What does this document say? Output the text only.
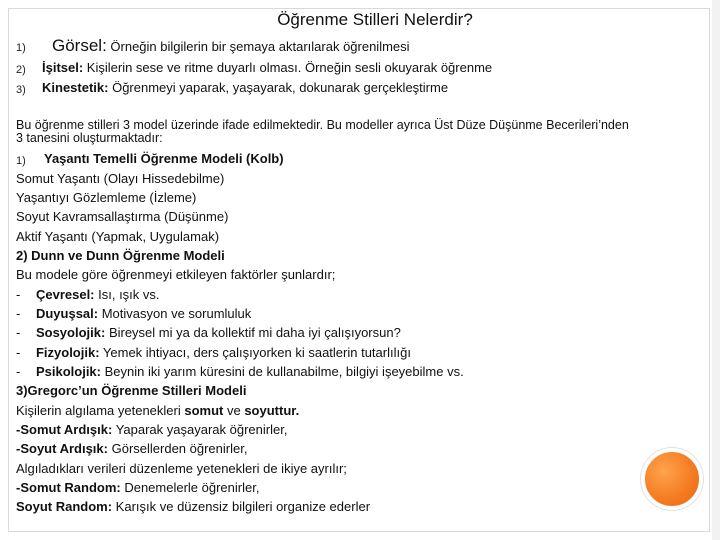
Öğrenme Stilleri Nelerdir?
1) Görsel: Örneğin bilgilerin bir şemaya aktarılarak öğrenilmesi
2) İşitsel: Kişilerin sese ve ritme duyarlı olması. Örneğin sesli okuyarak öğrenme
3) Kinestetik: Öğrenmeyi yaparak, yaşayarak, dokunarak gerçekleştirme
Bu öğrenme stilleri 3 model üzerinde ifade edilmektedir. Bu modeller ayrıca Üst Düze Düşünme Becerileri’nden
3 tanesini oluşturmaktadır:
1) Yaşantı Temelli Öğrenme Modeli (Kolb)
Somut Yaşantı (Olayı Hissedebilme)
Yaşantıyı Gözlemleme (İzleme)
Soyut Kavramsallaştırma (Düşünme)
Aktif Yaşantı (Yapmak, Uygulamak)
2) Dunn ve Dunn Öğrenme Modeli
Bu modele göre öğrenmeyi etkileyen faktörler şunlardır;
- Çevresel: Isı, ışık vs.
- Duyuşsal: Motivasyon ve sorumluluk
- Sosyolojik: Bireysel mi ya da kollektif mi daha iyi çalışıyorsun?
- Fizyolojik: Yemek ihtiyacı, ders çalışıyorken ki saatlerin tutarlılığı
- Psikolojik: Beynin iki yarım küresini de kullanabilme, bilgiyi işeyebilme vs.
3)Gregorc’un Öğrenme Stilleri Modeli
Kişilerin algılama yetenekleri somut ve soyuttur.
-Somut Ardışık: Yaparak yaşayarak öğrenirler,
-Soyut Ardışık: Görsellerden öğrenirler,
Algıladıkları verileri düzenleme yetenekleri de ikiye ayrılır;
-Somut Random: Denemelerle öğrenirler,
Soyut Random: Karışık ve düzensiz bilgileri organize ederler
